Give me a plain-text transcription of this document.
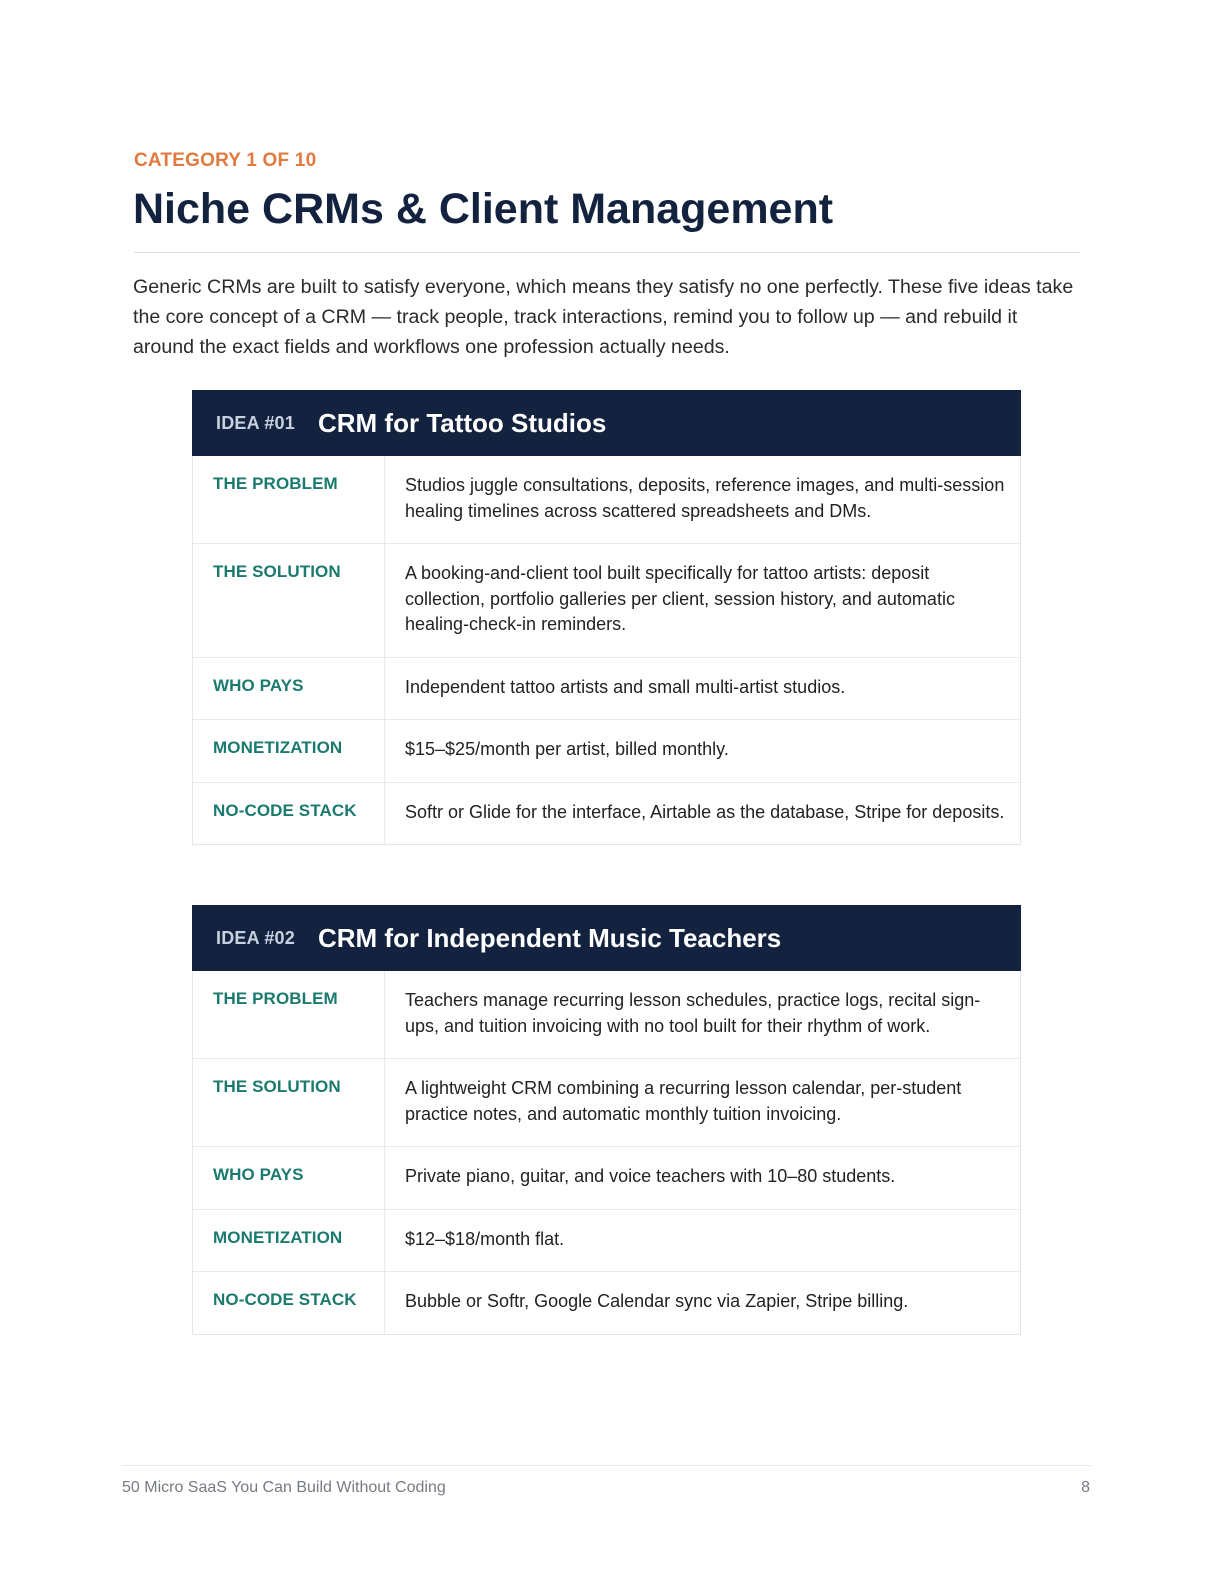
CATEGORY 1 OF 10
Niche CRMs & Client Management

Generic CRMs are built to satisfy everyone, which means they satisfy no one perfectly. These five ideas take the core concept of a CRM — track people, track interactions, remind you to follow up — and rebuild it around the exact fields and workflows one profession actually needs.

IDEA #01 CRM for Tattoo Studios
THE PROBLEM	Studios juggle consultations, deposits, reference images, and multi-session healing timelines across scattered spreadsheets and DMs.
THE SOLUTION	A booking-and-client tool built specifically for tattoo artists: deposit collection, portfolio galleries per client, session history, and automatic healing-check-in reminders.
WHO PAYS	Independent tattoo artists and small multi-artist studios.
MONETIZATION	$15–$25/month per artist, billed monthly.
NO-CODE STACK	Softr or Glide for the interface, Airtable as the database, Stripe for deposits.
IDEA #02 CRM for Independent Music Teachers
THE PROBLEM	Teachers manage recurring lesson schedules, practice logs, recital sign-ups, and tuition invoicing with no tool built for their rhythm of work.
THE SOLUTION	A lightweight CRM combining a recurring lesson calendar, per-student practice notes, and automatic monthly tuition invoicing.
WHO PAYS	Private piano, guitar, and voice teachers with 10–80 students.
MONETIZATION	$12–$18/month flat.
NO-CODE STACK	Bubble or Softr, Google Calendar sync via Zapier, Stripe billing.
50 Micro SaaS You Can Build Without Coding	8
